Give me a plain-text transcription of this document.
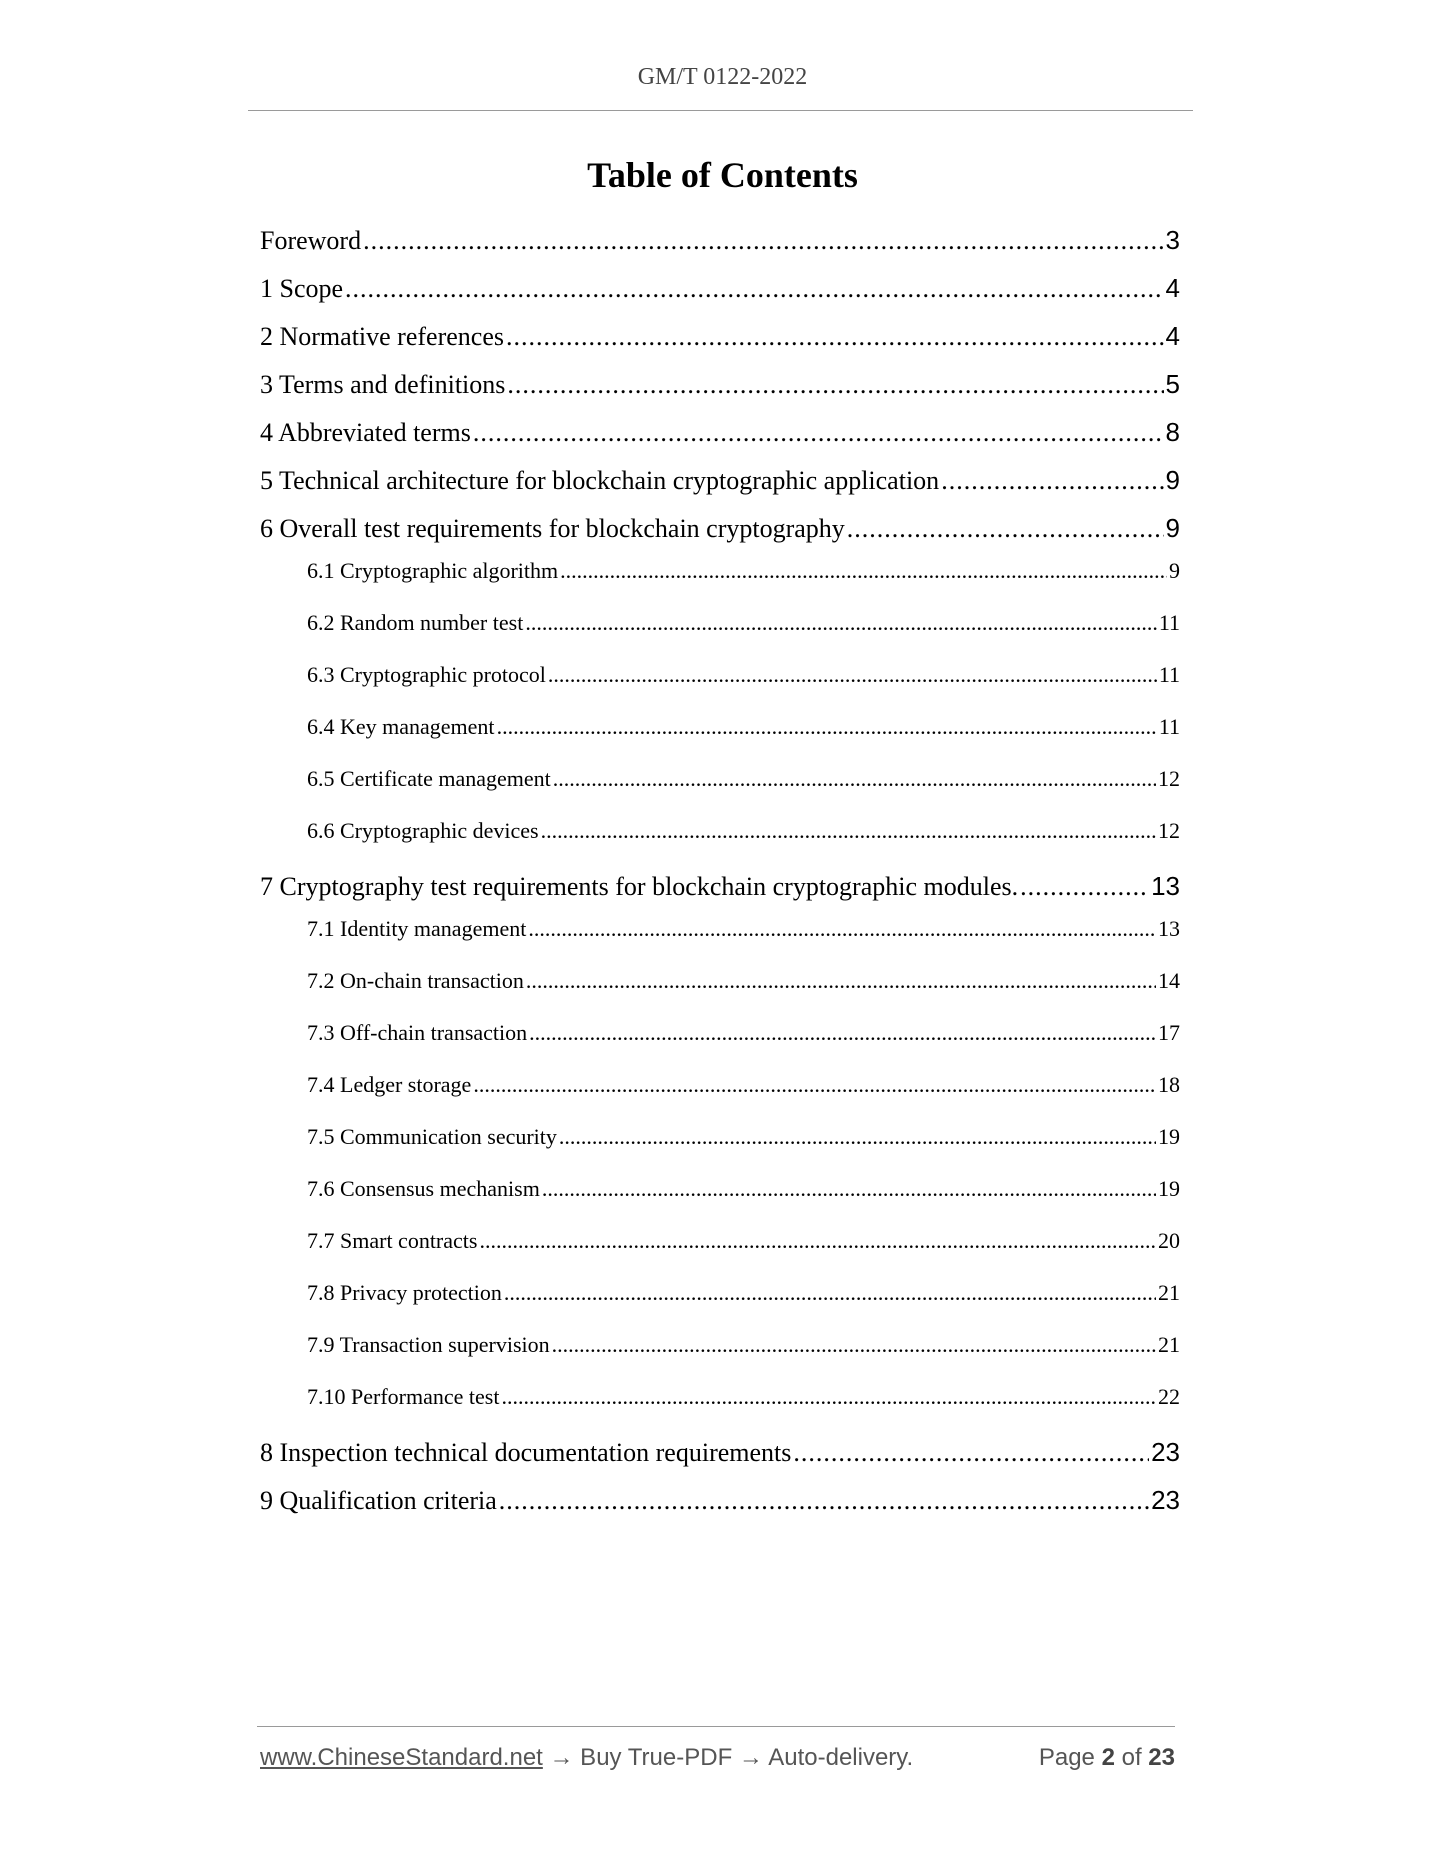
GM/T 0122-2022
Table of Contents
Foreword .....	3
1 Scope .....	4
2 Normative references .....	4
3 Terms and definitions .....	5
4 Abbreviated terms .....	8
5 Technical architecture for blockchain cryptographic application .....	9
6 Overall test requirements for blockchain cryptography .....	9
6.1 Cryptographic algorithm .....	9
6.2 Random number test .....	11
6.3 Cryptographic protocol .....	11
6.4 Key management .....	11
6.5 Certificate management .....	12
6.6 Cryptographic devices .....	12
7 Cryptography test requirements for blockchain cryptographic modules. .....	13
7.1 Identity management .....	13
7.2 On-chain transaction .....	14
7.3 Off-chain transaction .....	17
7.4 Ledger storage .....	18
7.5 Communication security .....	19
7.6 Consensus mechanism .....	19
7.7 Smart contracts .....	20
7.8 Privacy protection .....	21
7.9 Transaction supervision .....	21
7.10 Performance test .....	22
8 Inspection technical documentation requirements .....	23
9 Qualification criteria .....	23
www.ChineseStandard.net → Buy True-PDF → Auto-delivery.	Page 2 of 23
